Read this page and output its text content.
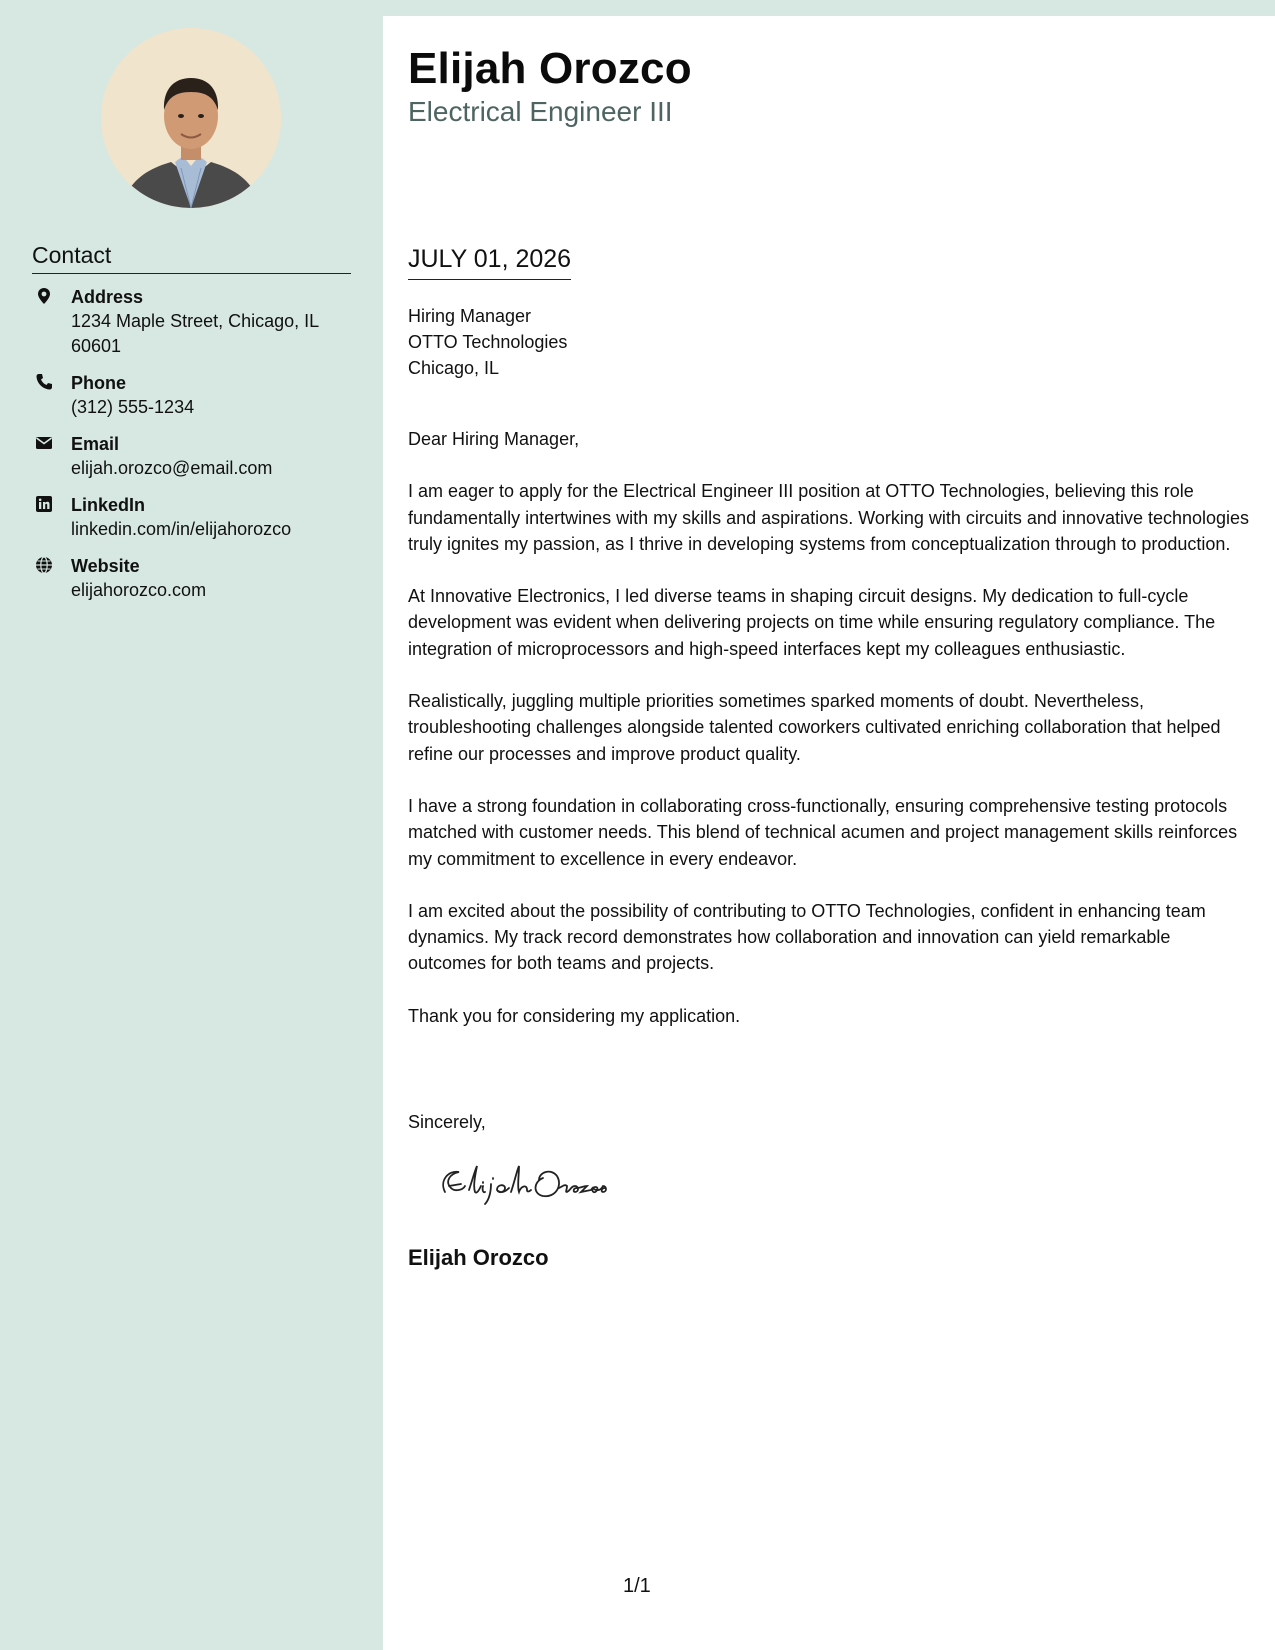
Contact
Address
1234 Maple Street, Chicago, IL 60601
Phone
(312) 555-1234
Email
elijah.orozco@email.com
LinkedIn
linkedin.com/in/elijahorozco
Website
elijahorozco.com
Elijah Orozco
Electrical Engineer III
JULY 01, 2026
Hiring Manager
OTTO Technologies
Chicago, IL

Dear Hiring Manager,

I am eager to apply for the Electrical Engineer III position at OTTO Technologies, believing this role fundamentally intertwines with my skills and aspirations. Working with circuits and innovative technologies truly ignites my passion, as I thrive in developing systems from conceptualization through to production.

At Innovative Electronics, I led diverse teams in shaping circuit designs. My dedication to full-cycle development was evident when delivering projects on time while ensuring regulatory compliance. The integration of microprocessors and high-speed interfaces kept my colleagues enthusiastic.

Realistically, juggling multiple priorities sometimes sparked moments of doubt. Nevertheless, troubleshooting challenges alongside talented coworkers cultivated enriching collaboration that helped refine our processes and improve product quality.

I have a strong foundation in collaborating cross-functionally, ensuring comprehensive testing protocols matched with customer needs. This blend of technical acumen and project management skills reinforces my commitment to excellence in every endeavor.

I am excited about the possibility of contributing to OTTO Technologies, confident in enhancing team dynamics. My track record demonstrates how collaboration and innovation can yield remarkable outcomes for both teams and projects.

Thank you for considering my application.

Sincerely,
Elijah Orozco
1/1
